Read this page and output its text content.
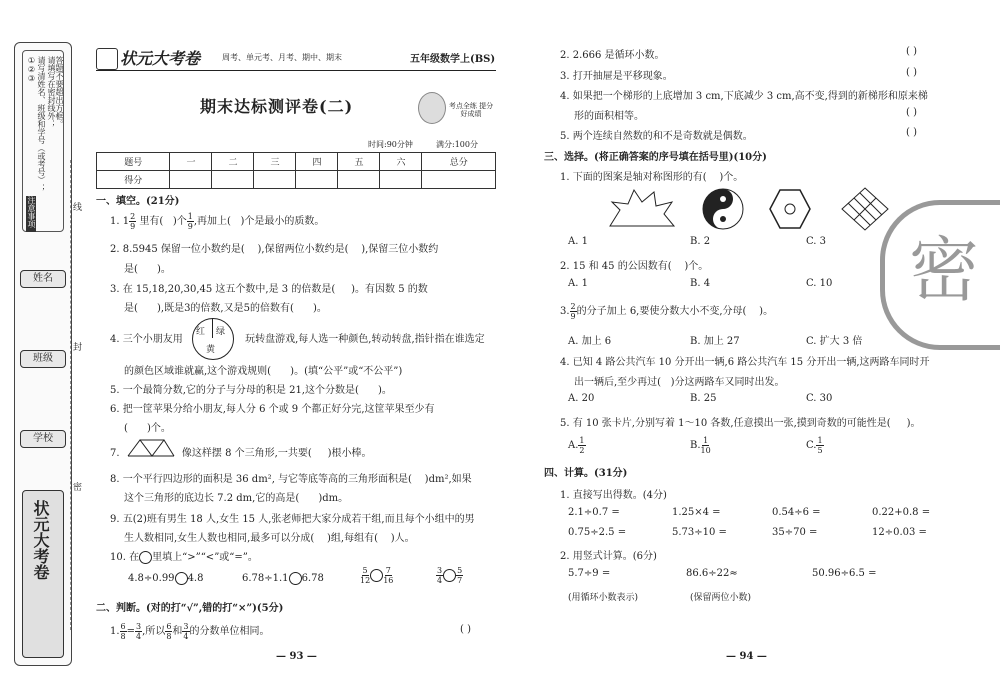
①②③ 请写清姓名、班级和学号（或考号）； 请填写在密封线外； 答题不要超出方框。
注意事项
姓名
班级
学校
线
封
密
状元大考卷
状元大考卷	周考、单元考、月考、期中、期末	五年级数学上(BS)
期末达标测评卷(二)	考点全练 提分好成绩
时间:90分钟	满分:100分
题号	一	二	三	四	五	六	总分
得分							
一、填空。(21分)
1. $1 \frac{2}{9}$ 里有( )个 $\frac{1}{9}$ ,再加上( )个是最小的质数。
2. 8.5945 保留一位小数约是( ),保留两位小数约是( ),保留三位小数约
是( )。
3. 在 15,18,20,30,45 这五个数中,是 3 的倍数是( )。有因数 5 的数
是( ),既是3的倍数,又是5的倍数有( )。
4. 三个小朋友用	玩转盘游戏,每人选一种颜色,转动转盘,指针指在谁选定
红 绿
黄
的颜色区域谁就赢,这个游戏规则( )。(填“公平”或“不公平”)
5. 一个最简分数,它的分子与分母的积是 21,这个分数是( )。
6. 把一筐苹果分给小朋友,每人分 6 个或 9 个都正好分完,这筐苹果至少有
( )个。
7.	像这样摆 8 个三角形,一共要( )根小棒。
8. 一个平行四边形的面积是 36 dm², 与它等底等高的三角形面积是( )dm²,如果
这个三角形的底边长 7.2 dm,它的高是( )dm。
9. 五(2)班有男生 18 人,女生 15 人,张老师把大家分成若干组,而且每个小组中的男
生人数相同,女生人数也相同,最多可以分成( )组,每组有( )人。
10. 在 里填上“>”“<”或“=”。
4.8÷0.99 4.8	6.78÷1.1 6.78	$\frac{5}{12} \frac{7}{16}$	$\frac{3}{4} \frac{5}{7}$
二、判断。(对的打“√”,错的打“×”)(5分)
1. $\frac{6}{8} = \frac{3}{4}$ ,所以 $\frac{6}{8}$ 和 $\frac{3}{4}$ 的分数单位相同。	( )
— 93 —
2. 2.666 是循环小数。	( )
3. 打开抽屉是平移现象。	( )
4. 如果把一个梯形的上底增加 3 cm,下底减少 3 cm,高不变,得到的新梯形和原来梯
形的面积相等。	( )
5. 两个连续自然数的和不是奇数就是偶数。	( )
三、选择。(将正确答案的序号填在括号里)(10分)
1. 下面的图案是轴对称图形的有( )个。
A. 1	B. 2	C. 3
2. 15 和 45 的公因数有( )个。
A. 1	B. 4	C. 10
3. $\frac{2}{9}$ 的分子加上 6,要使分数大小不变,分母( )。
A. 加上 6	B. 加上 27	C. 扩大 3 倍
4. 已知 4 路公共汽车 10 分开出一辆,6 路公共汽车 15 分开出一辆,这两路车同时开
出一辆后,至少再过( )分这两路车又同时出发。
A. 20	B. 25	C. 30
5. 有 10 张卡片,分别写着 1～10 各数,任意摸出一张,摸到奇数的可能性是( )。
A. $\frac{1}{2}$	B. $\frac{1}{10}$	C. $\frac{1}{5}$
四、计算。(31分)
1. 直接写出得数。(4分)
2.1÷0.7 =	1.25×4 =	0.54÷6 =	0.22+0.8 =
0.75÷2.5 =	5.73÷10 =	35÷70 =	12÷0.03 =
2. 用竖式计算。(6分)
5.7÷9 =	86.6÷22≈	50.96÷6.5 =
(用循环小数表示)	(保留两位小数)
密
— 94 —
